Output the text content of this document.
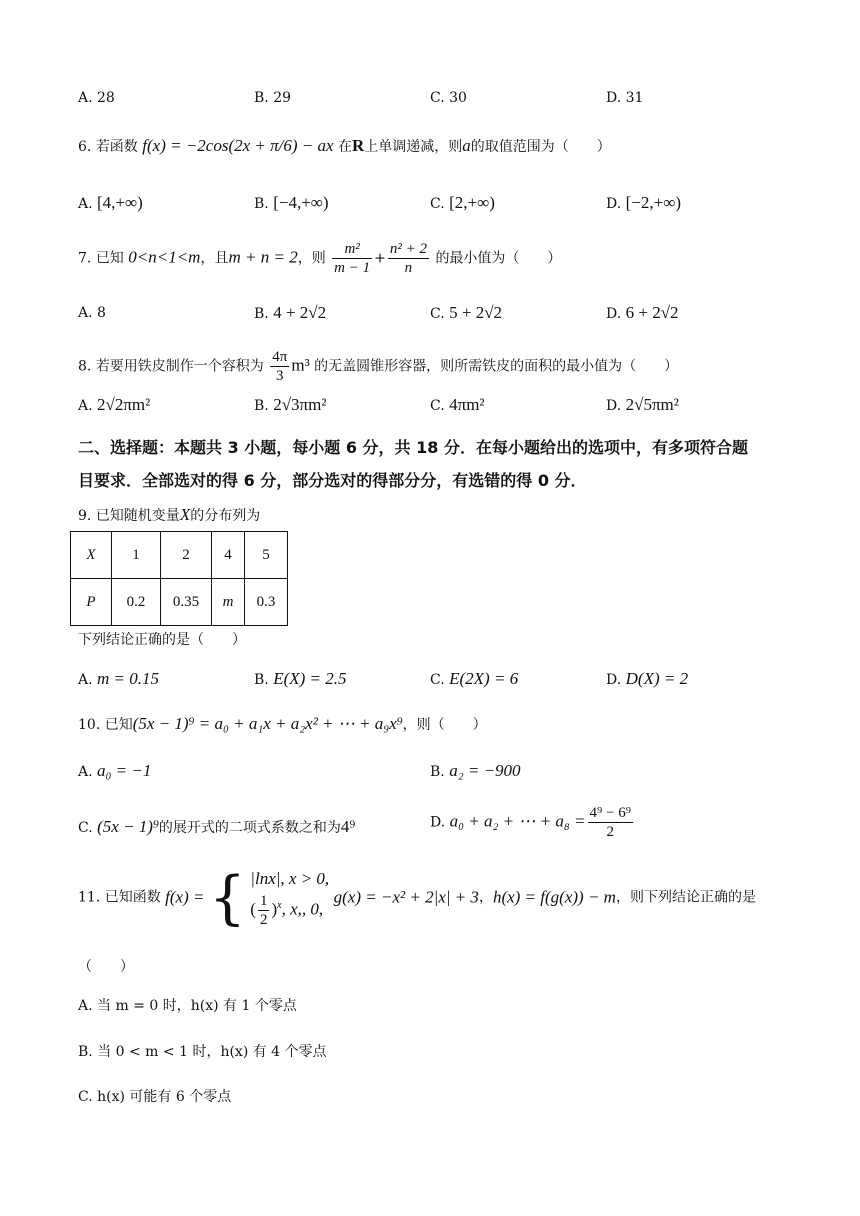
A. 28	B. 29	C. 30	D. 31
6. 若函数 f(x) = −2cos(2x + π/6) − ax 在R上单调递减，则a的取值范围为（　　）
A. [4,+∞)	B. [−4,+∞)	C. [2,+∞)	D. [−2,+∞)
7. 已知 0<n<1<m，且m + n = 2，则 $\frac{\text{m²}}{m - 1} + \frac{\text{n² + 2}}{n}$ 的最小值为（　　）
A. 8	B. 4 + 2√2	C. 5 + 2√2	D. 6 + 2√2
8. 若要用铁皮制作一个容积为 $\frac{4\pi}{3} m^3$ 的无盖圆锥形容器，则所需铁皮的面积的最小值为（　　）
A. 2√2πm²	B. 2√3πm²	C. 4πm²	D. 2√5πm²
二、选择题：本题共 3 小题，每小题 6 分，共 18 分．在每小题给出的选项中，有多项符合题
目要求．全部选对的得 6 分，部分选对的得部分分，有选错的得 0 分．
9. 已知随机变量X的分布列为
X	1	2	4	5
P	0.2	0.35	m	0.3
下列结论正确的是（　　）
A. m = 0.15	B. E(X) = 2.5	C. E(2X) = 6	D. D(X) = 2
10. 已知(5x − 1)⁹ = a₀ + a₁x + a₂x² + ⋯ + a₉x⁹，则（　　）
A. a₀ = −1	B. a₂ = −900
C. (5x − 1)⁹的展开式的二项式系数之和为4⁹	D. a₀ + a₂ + ⋯ + $a_8 = \frac{\text{4⁹ − 6⁹}}{2}$
11. 已知函数 f(x) = { |lnx|, x > 0,
( $\frac{1}{2} )^x$, x,, 0,
g(x) = −x² + 2|x| + 3，h(x) = f(g(x)) − m，则下列结论正确的是
（　　）
A. 当 m = 0 时，h(x) 有 1 个零点
B. 当 0 < m < 1 时，h(x) 有 4 个零点
C. h(x) 可能有 6 个零点
